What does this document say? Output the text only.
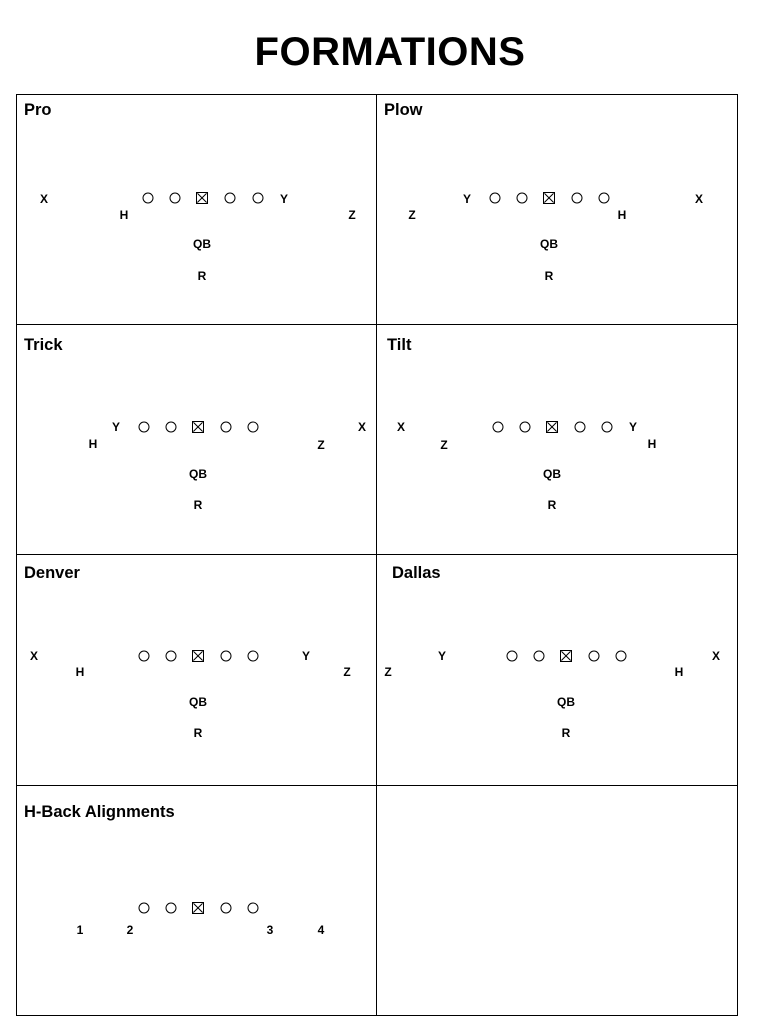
FORMATIONS
Pro
X
H
Y
Z
QB
R
Plow
Y	X
Z	H
QB
R
Trick
Y	X
H	Z
QB
R
Tilt
X	Y
Z	H
QB
R
Denver
X	Y
H	Z
QB
R
Dallas
Y	X
Z	H
QB
R
H-Back Alignments
1	2	3	4
